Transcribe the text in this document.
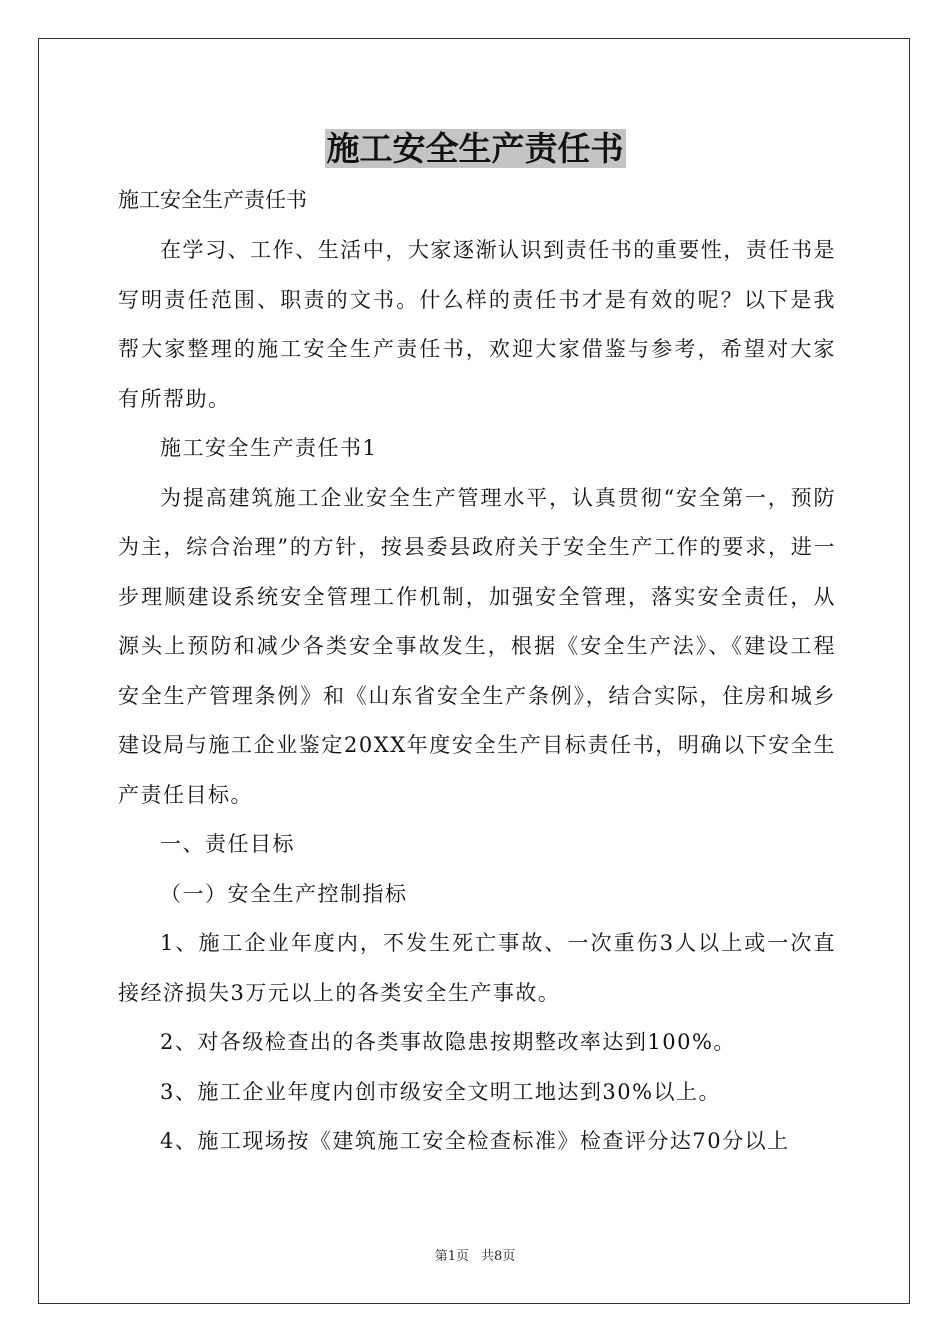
施工安全生产责任书
施工安全生产责任书

在学习、工作、生活中，大家逐渐认识到责任书的重要性，责任书是写明责任范围、职责的文书。什么样的责任书才是有效的呢？以下是我帮大家整理的施工安全生产责任书，欢迎大家借鉴与参考，希望对大家有所帮助。

施工安全生产责任书1

为提高建筑施工企业安全生产管理水平，认真贯彻“安全第一，预防为主，综合治理”的方针，按县委县政府关于安全生产工作的要求，进一步理顺建设系统安全管理工作机制，加强安全管理，落实安全责任，从源头上预防和减少各类安全事故发生，根据《安全生产法》、《建设工程安全生产管理条例》和《山东省安全生产条例》，结合实际，住房和城乡建设局与施工企业鉴定20XX年度安全生产目标责任书，明确以下安全生产责任目标。

一、责任目标

（一）安全生产控制指标

1、施工企业年度内，不发生死亡事故、一次重伤3人以上或一次直接经济损失3万元以上的各类安全生产事故。

2、对各级检查出的各类事故隐患按期整改率达到100%。

3、施工企业年度内创市级安全文明工地达到30%以上。

4、施工现场按《建筑施工安全检查标准》检查评分达70分以上

第1页 共8页
